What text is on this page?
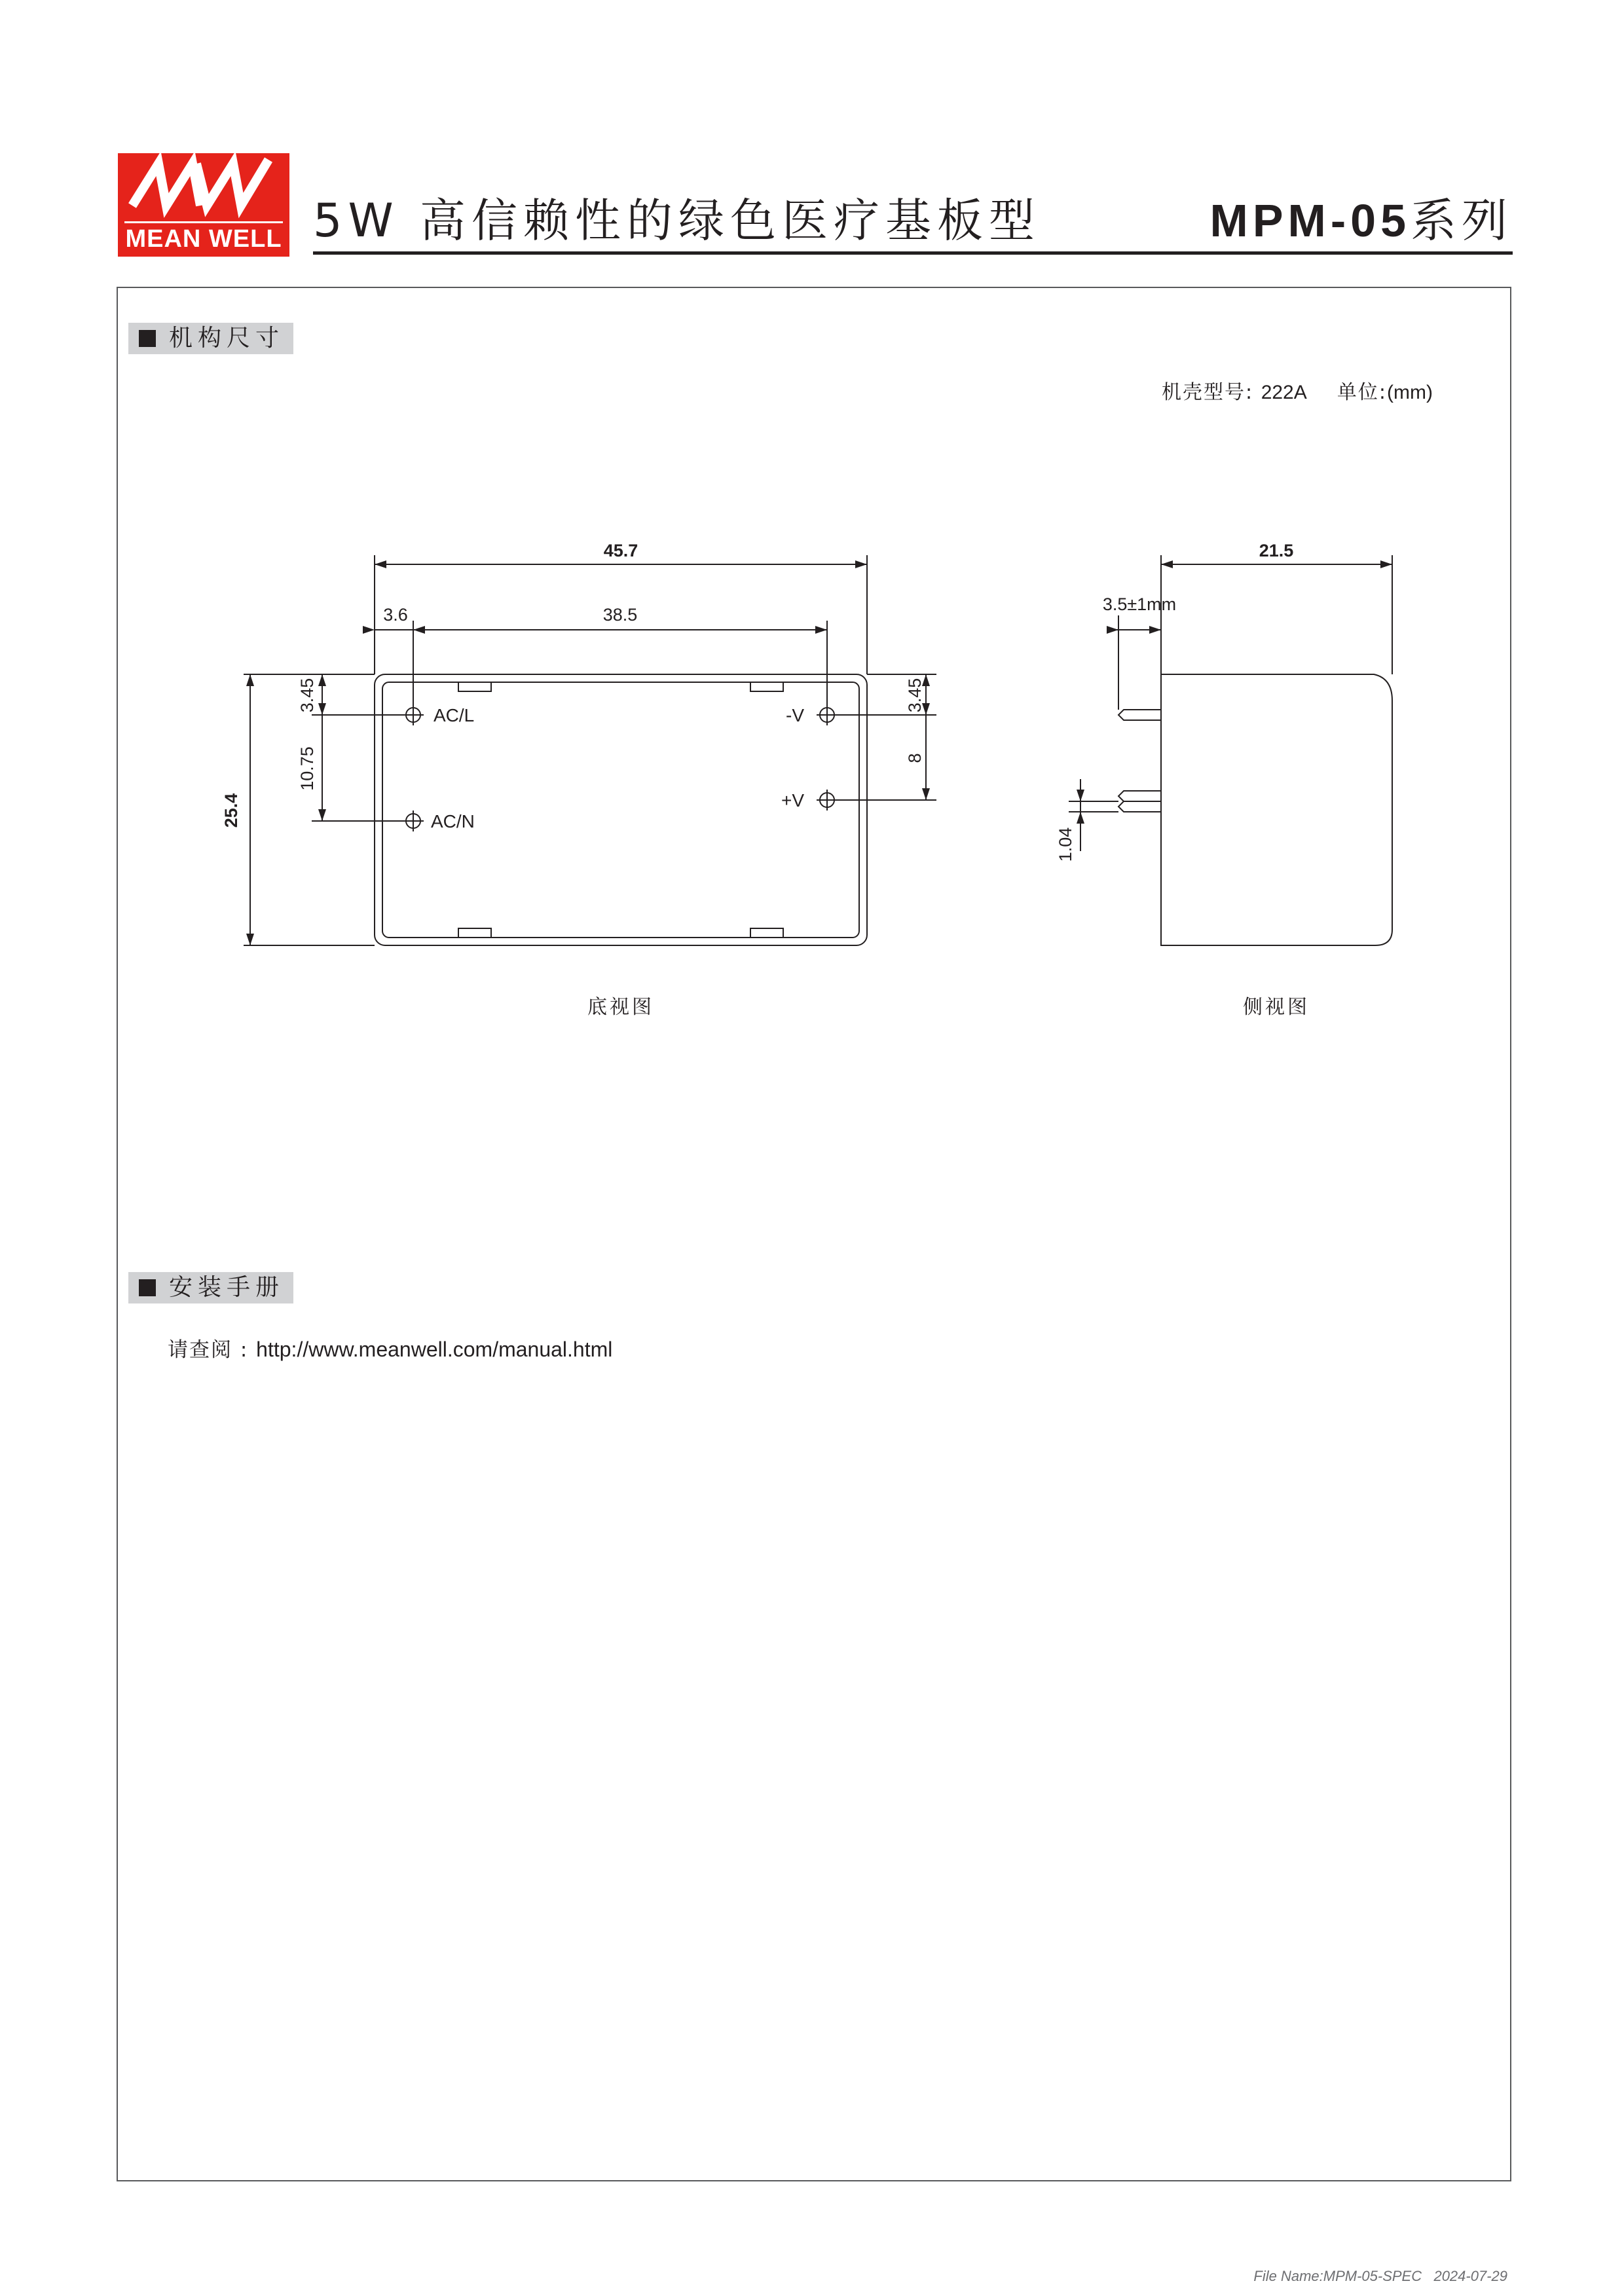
MEAN WELL 5W 高信赖性的绿色医疗基板型	MPM-05系列
机构尺寸
机壳型号: 222A 单位:(mm)
45.7
38.5
3.6
25.4
3.45
10.75
3.45
8
AC/L
AC/N
-V
+V
21.5
3.5±1mm
1.04
底视图	侧视图
安装手册
请查阅 : http://www.meanwell.com/manual.html
File Name:MPM-05-SPEC 2024-07-29
